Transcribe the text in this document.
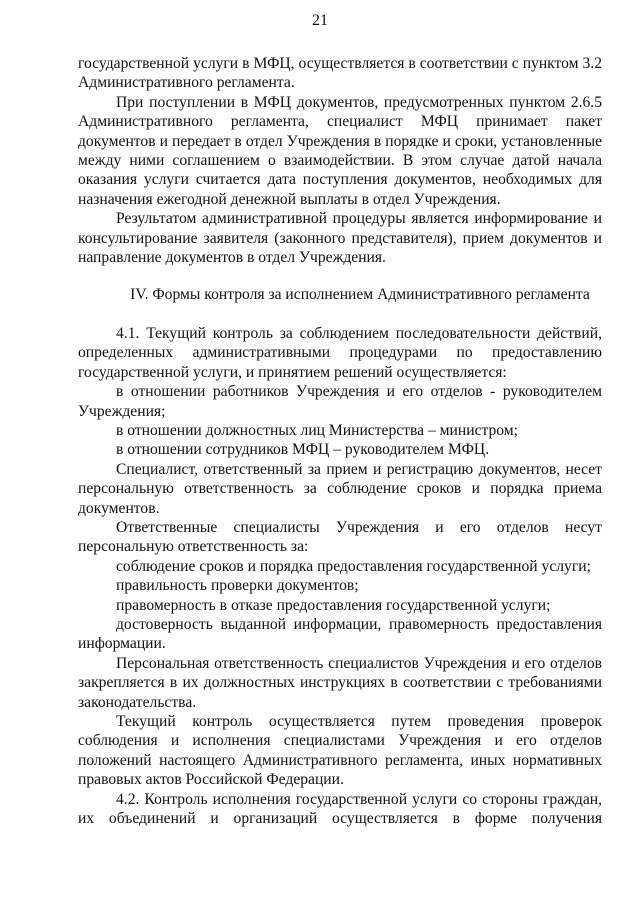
21

государственной услуги в МФЦ, осуществляется в соответствии с пунктом 3.2 Административного регламента.

При поступлении в МФЦ документов, предусмотренных пунктом 2.6.5 Административного регламента, специалист МФЦ принимает пакет документов и передает в отдел Учреждения в порядке и сроки, установленные между ними соглашением о взаимодействии. В этом случае датой начала оказания услуги считается дата поступления документов, необходимых для назначения ежегодной денежной выплаты в отдел Учреждения.

Результатом административной процедуры является информирование и консультирование заявителя (законного представителя), прием документов и направление документов в отдел Учреждения.

IV. Формы контроля за исполнением Административного регламента

4.1. Текущий контроль за соблюдением последовательности действий, определенных административными процедурами по предоставлению государственной услуги, и принятием решений осуществляется:

в отношении работников Учреждения и его отделов - руководителем Учреждения;

в отношении должностных лиц Министерства – министром;

в отношении сотрудников МФЦ – руководителем МФЦ.

Специалист, ответственный за прием и регистрацию документов, несет персональную ответственность за соблюдение сроков и порядка приема документов.

Ответственные специалисты Учреждения и его отделов несут персональную ответственность за:

соблюдение сроков и порядка предоставления государственной услуги;

правильность проверки документов;

правомерность в отказе предоставления государственной услуги;

достоверность выданной информации, правомерность предоставления информации.

Персональная ответственность специалистов Учреждения и его отделов закрепляется в их должностных инструкциях в соответствии с требованиями законодательства.

Текущий контроль осуществляется путем проведения проверок соблюдения и исполнения специалистами Учреждения и его отделов положений настоящего Административного регламента, иных нормативных правовых актов Российской Федерации.

4.2. Контроль исполнения государственной услуги со стороны граждан, их объединений и организаций осуществляется в форме получения
